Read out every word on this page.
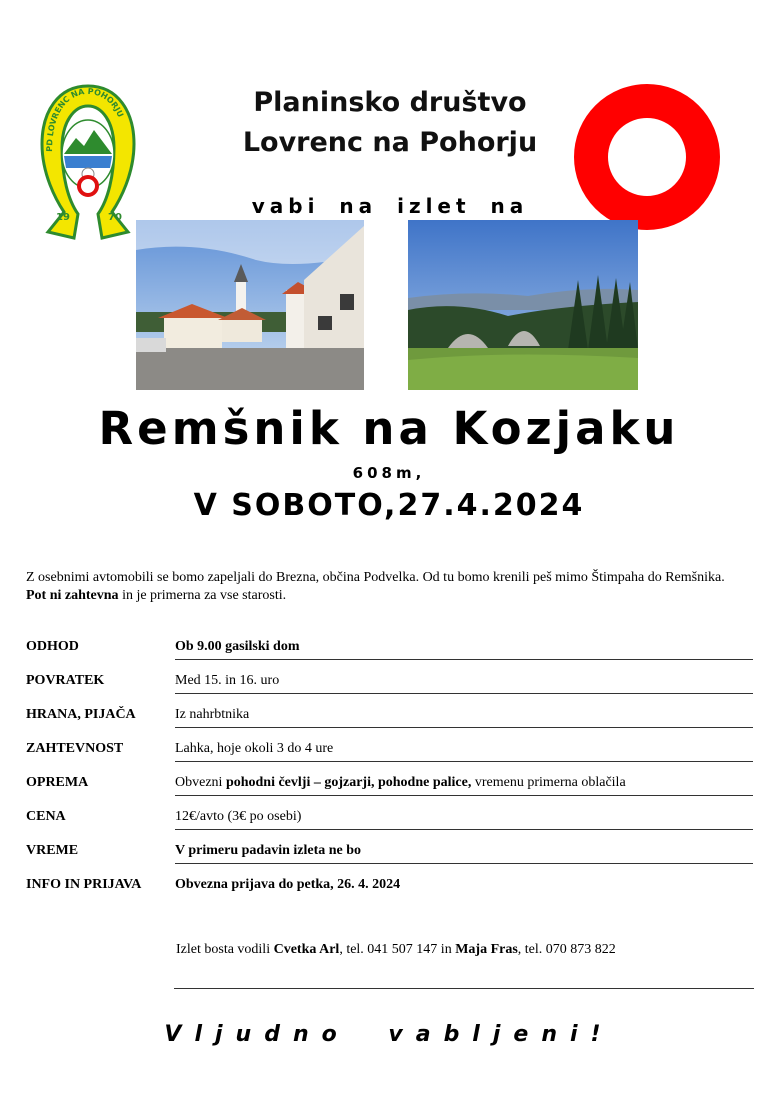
19	70
PD LOVRENC NA POHORJU	Planinsko društvo
Lovrenc na Pohorju
vabi na izlet na
Remšnik na Kozjaku
608m,
V SOBOTO,27.4.2024
Z osebnimi avtomobili se bomo zapeljali do Brezna, občina Podvelka. Od tu bomo krenili peš mimo Štimpaha do Remšnika. Pot ni zahtevna in je primerna za vse starosti.
ODHOD	Ob 9.00 gasilski dom
POVRATEK	Med 15. in 16. uro
HRANA, PIJAČA	Iz nahrbtnika
ZAHTEVNOST	Lahka, hoje okoli 3 do 4 ure
OPREMA	Obvezni pohodni čevlji – gojzarji, pohodne palice, vremenu primerna oblačila
CENA	12€/avto (3€ po osebi)
VREME	V primeru padavin izleta ne bo
INFO IN PRIJAVA Obvezna prijava do petka, 26. 4. 2024
Izlet bosta vodili Cvetka Arl, tel. 041 507 147 in Maja Fras, tel. 070 873 822
Vljudno vabljeni!
